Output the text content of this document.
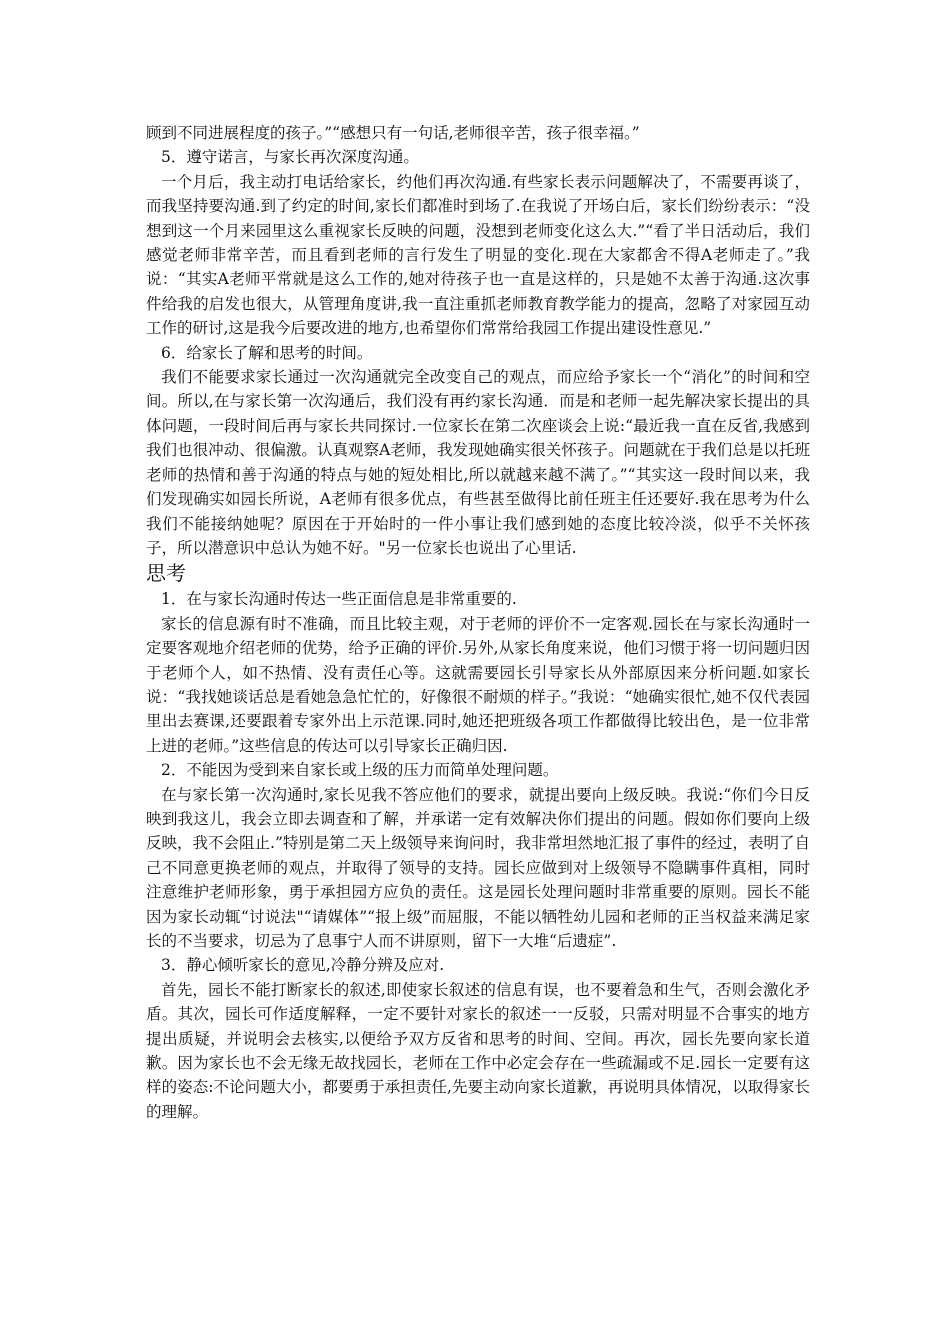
顾到不同进展程度的孩子。”“感想只有一句话,老师很辛苦，孩子很幸福。”

5．遵守诺言，与家长再次深度沟通。

一个月后，我主动打电话给家长，约他们再次沟通.有些家长表示问题解决了，不需要再谈了，而我坚持要沟通.到了约定的时间,家长们都准时到场了.在我说了开场白后，家长们纷纷表示：“没想到这一个月来园里这么重视家长反映的问题，没想到老师变化这么大.”“看了半日活动后，我们感觉老师非常辛苦，而且看到老师的言行发生了明显的变化.现在大家都舍不得A老师走了。”我说：“其实A老师平常就是这么工作的,她对待孩子也一直是这样的，只是她不太善于沟通.这次事件给我的启发也很大，从管理角度讲,我一直注重抓老师教育教学能力的提高，忽略了对家园互动工作的研讨,这是我今后要改进的地方,也希望你们常常给我园工作提出建设性意见.”

6．给家长了解和思考的时间。

我们不能要求家长通过一次沟通就完全改变自己的观点，而应给予家长一个“消化”的时间和空间。所以,在与家长第一次沟通后，我们没有再约家长沟通．而是和老师一起先解决家长提出的具体问题，一段时间后再与家长共同探讨.一位家长在第二次座谈会上说:“最近我一直在反省,我感到我们也很冲动、很偏激。认真观察A老师，我发现她确实很关怀孩子。问题就在于我们总是以托班老师的热情和善于沟通的特点与她的短处相比,所以就越来越不满了。”“其实这一段时间以来，我们发现确实如园长所说，A老师有很多优点，有些甚至做得比前任班主任还要好.我在思考为什么我们不能接纳她呢？原因在于开始时的一件小事让我们感到她的态度比较冷淡，似乎不关怀孩子，所以潜意识中总认为她不好。"另一位家长也说出了心里话.

思考

1．在与家长沟通时传达一些正面信息是非常重要的.

家长的信息源有时不准确，而且比较主观，对于老师的评价不一定客观.园长在与家长沟通时一定要客观地介绍老师的优势，给予正确的评价.另外,从家长角度来说，他们习惯于将一切问题归因于老师个人，如不热情、没有责任心等。这就需要园长引导家长从外部原因来分析问题.如家长说：“我找她谈话总是看她急急忙忙的，好像很不耐烦的样子。”我说：“她确实很忙,她不仅代表园里出去赛课,还要跟着专家外出上示范课.同时,她还把班级各项工作都做得比较出色，是一位非常上进的老师。”这些信息的传达可以引导家长正确归因.

2．不能因为受到来自家长或上级的压力而简单处理问题。

在与家长第一次沟通时,家长见我不答应他们的要求，就提出要向上级反映。我说:“你们今日反映到我这儿，我会立即去调查和了解，并承诺一定有效解决你们提出的问题。假如你们要向上级反映，我不会阻止.”特别是第二天上级领导来询问时，我非常坦然地汇报了事件的经过，表明了自己不同意更换老师的观点，并取得了领导的支持。园长应做到对上级领导不隐瞒事件真相，同时注意维护老师形象，勇于承担园方应负的责任。这是园长处理问题时非常重要的原则。园长不能因为家长动辄“讨说法"“请媒体”“报上级”而屈服，不能以牺牲幼儿园和老师的正当权益来满足家长的不当要求，切忌为了息事宁人而不讲原则，留下一大堆“后遗症”.

3．静心倾听家长的意见,冷静分辨及应对.

首先，园长不能打断家长的叙述,即使家长叙述的信息有误，也不要着急和生气，否则会激化矛盾。其次，园长可作适度解释，一定不要针对家长的叙述一一反驳，只需对明显不合事实的地方提出质疑，并说明会去核实,以便给予双方反省和思考的时间、空间。再次，园长先要向家长道歉。因为家长也不会无缘无故找园长，老师在工作中必定会存在一些疏漏或不足.园长一定要有这样的姿态:不论问题大小，都要勇于承担责任,先要主动向家长道歉，再说明具体情况，以取得家长的理解。
